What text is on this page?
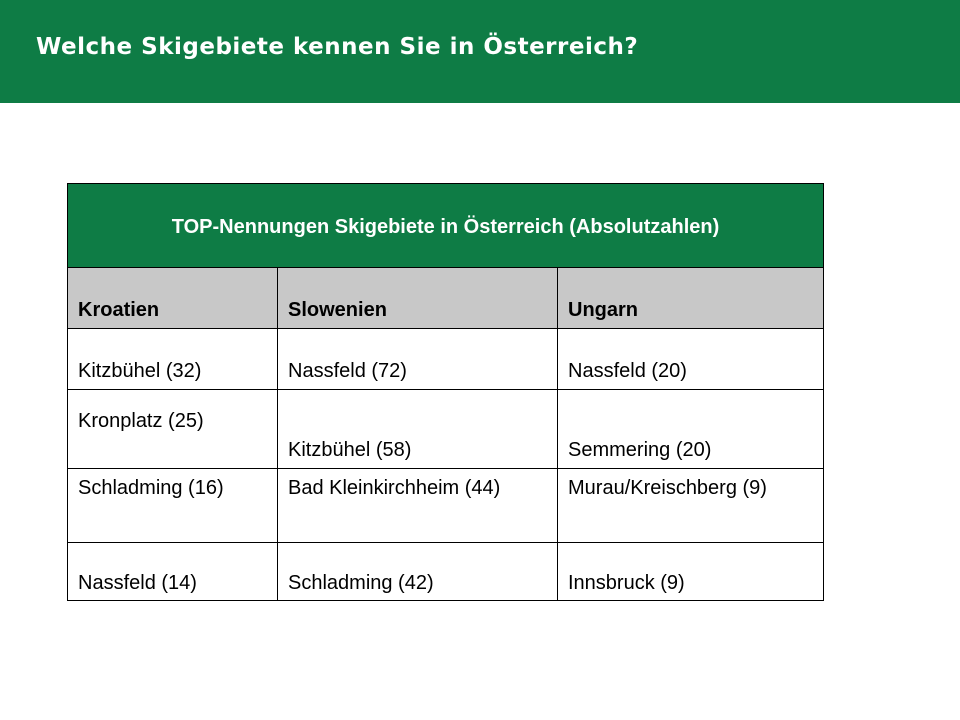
Welche Skigebiete kennen Sie in Österreich?
TOP-Nennungen Skigebiete in Österreich (Absolutzahlen)		
Kroatien	Slowenien	Ungarn
Kitzbühel (32)	Nassfeld (72)	Nassfeld (20)
Kronplatz (25)	Kitzbühel (58)	Semmering (20)
Schladming (16)	Bad Kleinkirchheim (44)	Murau/Kreischberg (9)
Nassfeld (14)	Schladming (42)	Innsbruck (9)
